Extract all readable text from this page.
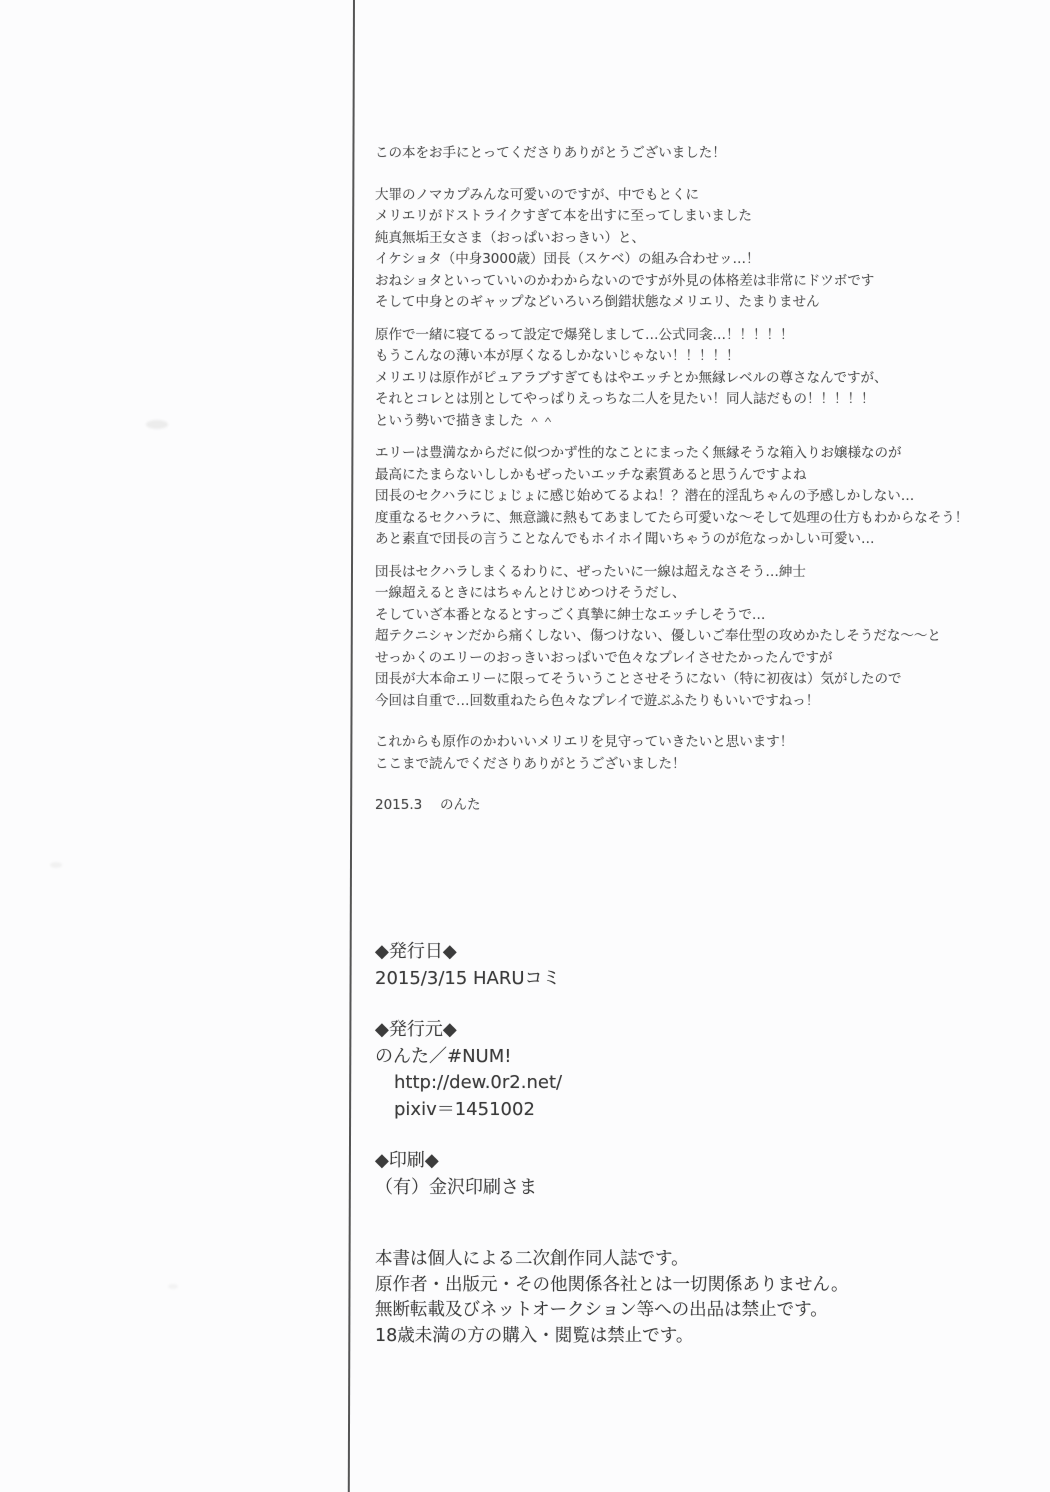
この本をお手にとってくださりありがとうございました！

大罪のノマカプみんな可愛いのですが、中でもとくに
メリエリがドストライクすぎて本を出すに至ってしまいました
純真無垢王女さま（おっぱいおっきい）と、
イケショタ（中身3000歳）団長（スケベ）の組み合わせッ…！
おねショタといっていいのかわからないのですが外見の体格差は非常にドツボです
そして中身とのギャップなどいろいろ倒錯状態なメリエリ、たまりません

原作で一緒に寝てるって設定で爆発しまして…公式同衾…！！！！！
もうこんなの薄い本が厚くなるしかないじゃない！！！！！
メリエリは原作がピュアラブすぎてもはやエッチとか無縁レベルの尊さなんですが、
それとコレとは別としてやっぱりえっちな二人を見たい！同人誌だもの！！！！！
という勢いで描きました ＾＾

エリーは豊満なからだに似つかず性的なことにまったく無縁そうな箱入りお嬢様なのが
最高にたまらないししかもぜったいエッチな素質あると思うんですよね
団長のセクハラにじょじょに感じ始めてるよね！？潜在的淫乱ちゃんの予感しかしない…
度重なるセクハラに、無意識に熱もてあましてたら可愛いな～そして処理の仕方もわからなそう！
あと素直で団長の言うことなんでもホイホイ聞いちゃうのが危なっかしい可愛い…

団長はセクハラしまくるわりに、ぜったいに一線は超えなさそう…紳士
一線超えるときにはちゃんとけじめつけそうだし、
そしていざ本番となるとすっごく真摯に紳士なエッチしそうで…
超テクニシャンだから痛くしない、傷つけない、優しいご奉仕型の攻めかたしそうだな～～と
せっかくのエリーのおっきいおっぱいで色々なプレイさせたかったんですが
団長が大本命エリーに限ってそういうことさせそうにない（特に初夜は）気がしたので
今回は自重で…回数重ねたら色々なプレイで遊ぶふたりもいいですねっ！

これからも原作のかわいいメリエリを見守っていきたいと思います！
ここまで読んでくださりありがとうございました！

2015.3 　のんた

◆発行日◆
2015/3/15 HARUコミ
◆発行元◆
のんた／#NUM!
http://dew.0r2.net/
pixiv＝1451002
◆印刷◆
（有）金沢印刷さま
本書は個人による二次創作同人誌です。
原作者・出版元・その他関係各社とは一切関係ありません。
無断転載及びネットオークション等への出品は禁止です。
18歳未満の方の購入・閲覧は禁止です。
